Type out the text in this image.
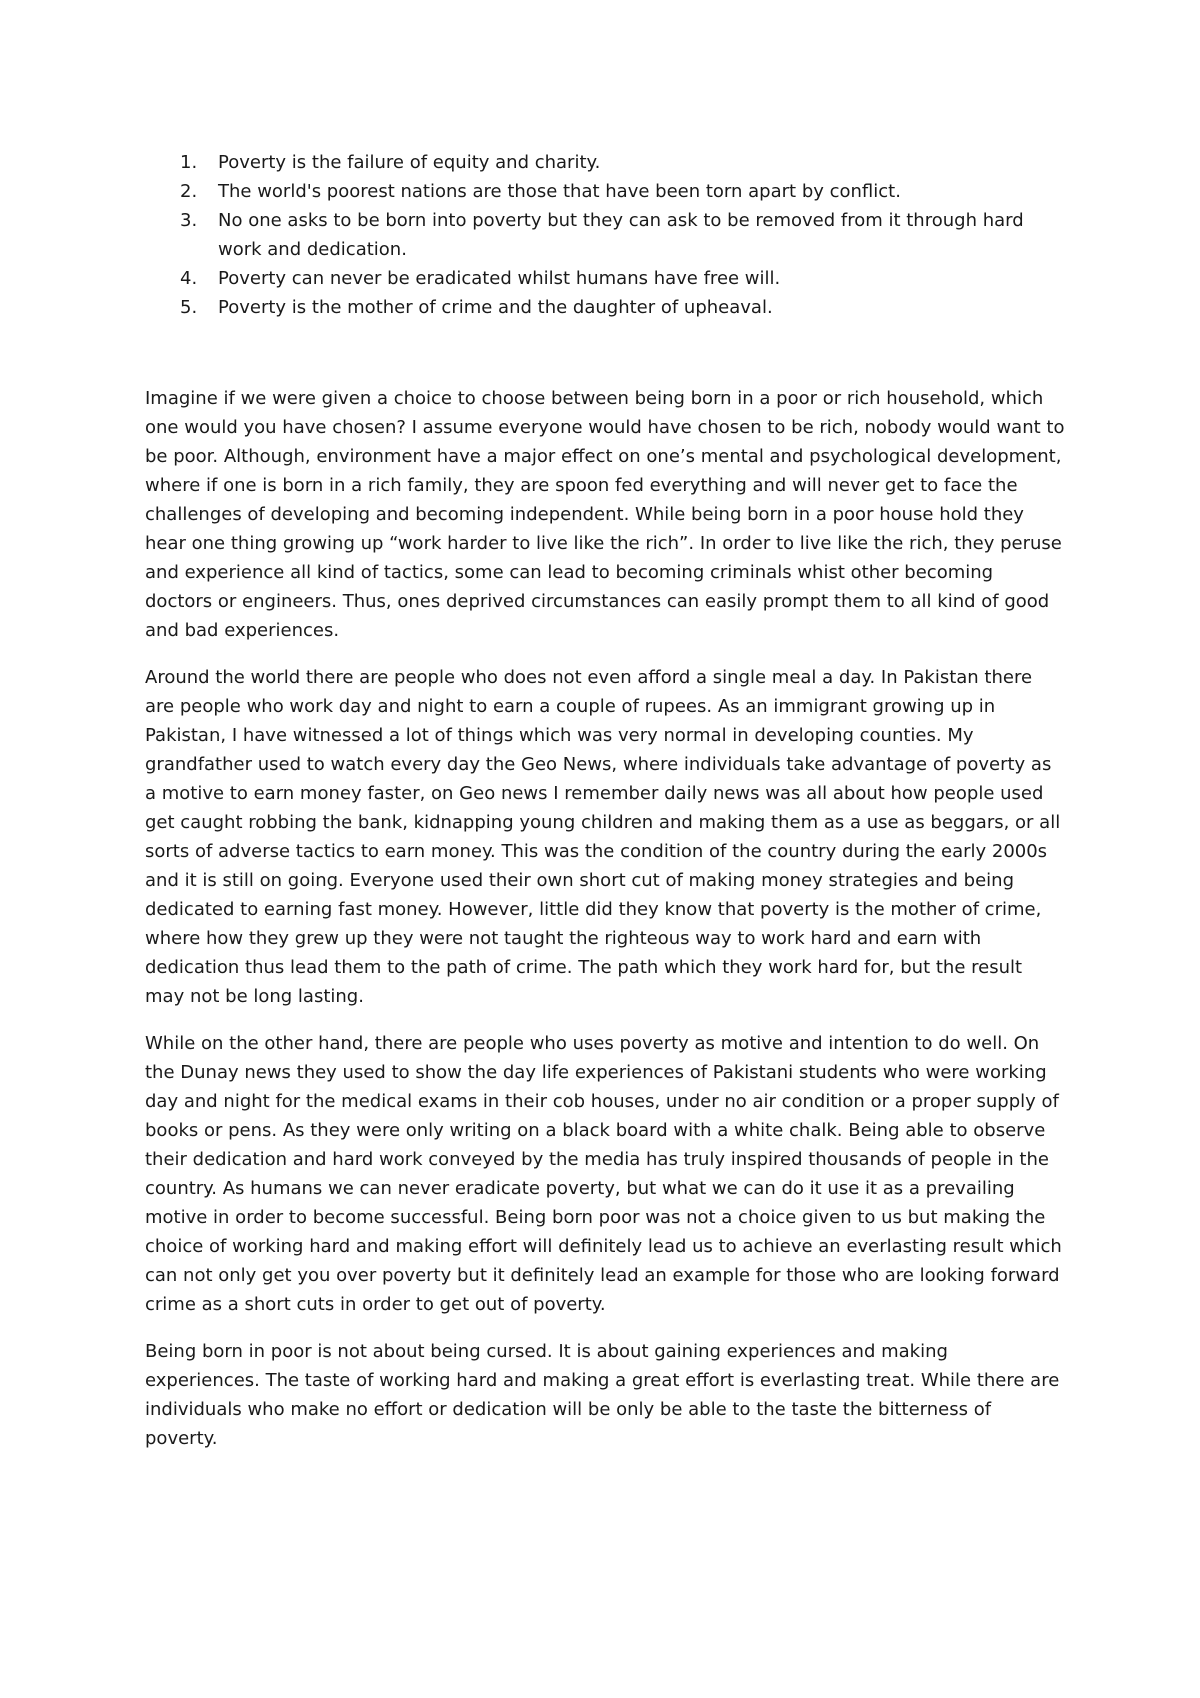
1. Poverty is the failure of equity and charity.
2. The world's poorest nations are those that have been torn apart by conflict.
3. No one asks to be born into poverty but they can ask to be removed from it through hard work and dedication.
4. Poverty can never be eradicated whilst humans have free will.
5. Poverty is the mother of crime and the daughter of upheaval.

Imagine if we were given a choice to choose between being born in a poor or rich household, which one would you have chosen? I assume everyone would have chosen to be rich, nobody would want to be poor. Although, environment have a major effect on one’s mental and psychological development, where if one is born in a rich family, they are spoon fed everything and will never get to face the challenges of developing and becoming independent. While being born in a poor house hold they hear one thing growing up “work harder to live like the rich”. In order to live like the rich, they peruse and experience all kind of tactics, some can lead to becoming criminals whist other becoming doctors or engineers. Thus, ones deprived circumstances can easily prompt them to all kind of good and bad experiences.

Around the world there are people who does not even afford a single meal a day. In Pakistan there are people who work day and night to earn a couple of rupees. As an immigrant growing up in Pakistan, I have witnessed a lot of things which was very normal in developing counties. My grandfather used to watch every day the Geo News, where individuals take advantage of poverty as a motive to earn money faster, on Geo news I remember daily news was all about how people used get caught robbing the bank, kidnapping young children and making them as a use as beggars, or all sorts of adverse tactics to earn money. This was the condition of the country during the early 2000s and it is still on going. Everyone used their own short cut of making money strategies and being dedicated to earning fast money. However, little did they know that poverty is the mother of crime, where how they grew up they were not taught the righteous way to work hard and earn with dedication thus lead them to the path of crime. The path which they work hard for, but the result may not be long lasting.

While on the other hand, there are people who uses poverty as motive and intention to do well. On the Dunay news they used to show the day life experiences of Pakistani students who were working day and night for the medical exams in their cob houses, under no air condition or a proper supply of books or pens. As they were only writing on a black board with a white chalk. Being able to observe their dedication and hard work conveyed by the media has truly inspired thousands of people in the country. As humans we can never eradicate poverty, but what we can do it use it as a prevailing motive in order to become successful. Being born poor was not a choice given to us but making the choice of working hard and making effort will definitely lead us to achieve an everlasting result which can not only get you over poverty but it definitely lead an example for those who are looking forward crime as a short cuts in order to get out of poverty.

Being born in poor is not about being cursed. It is about gaining experiences and making experiences. The taste of working hard and making a great effort is everlasting treat. While there are individuals who make no effort or dedication will be only be able to the taste the bitterness of poverty.
